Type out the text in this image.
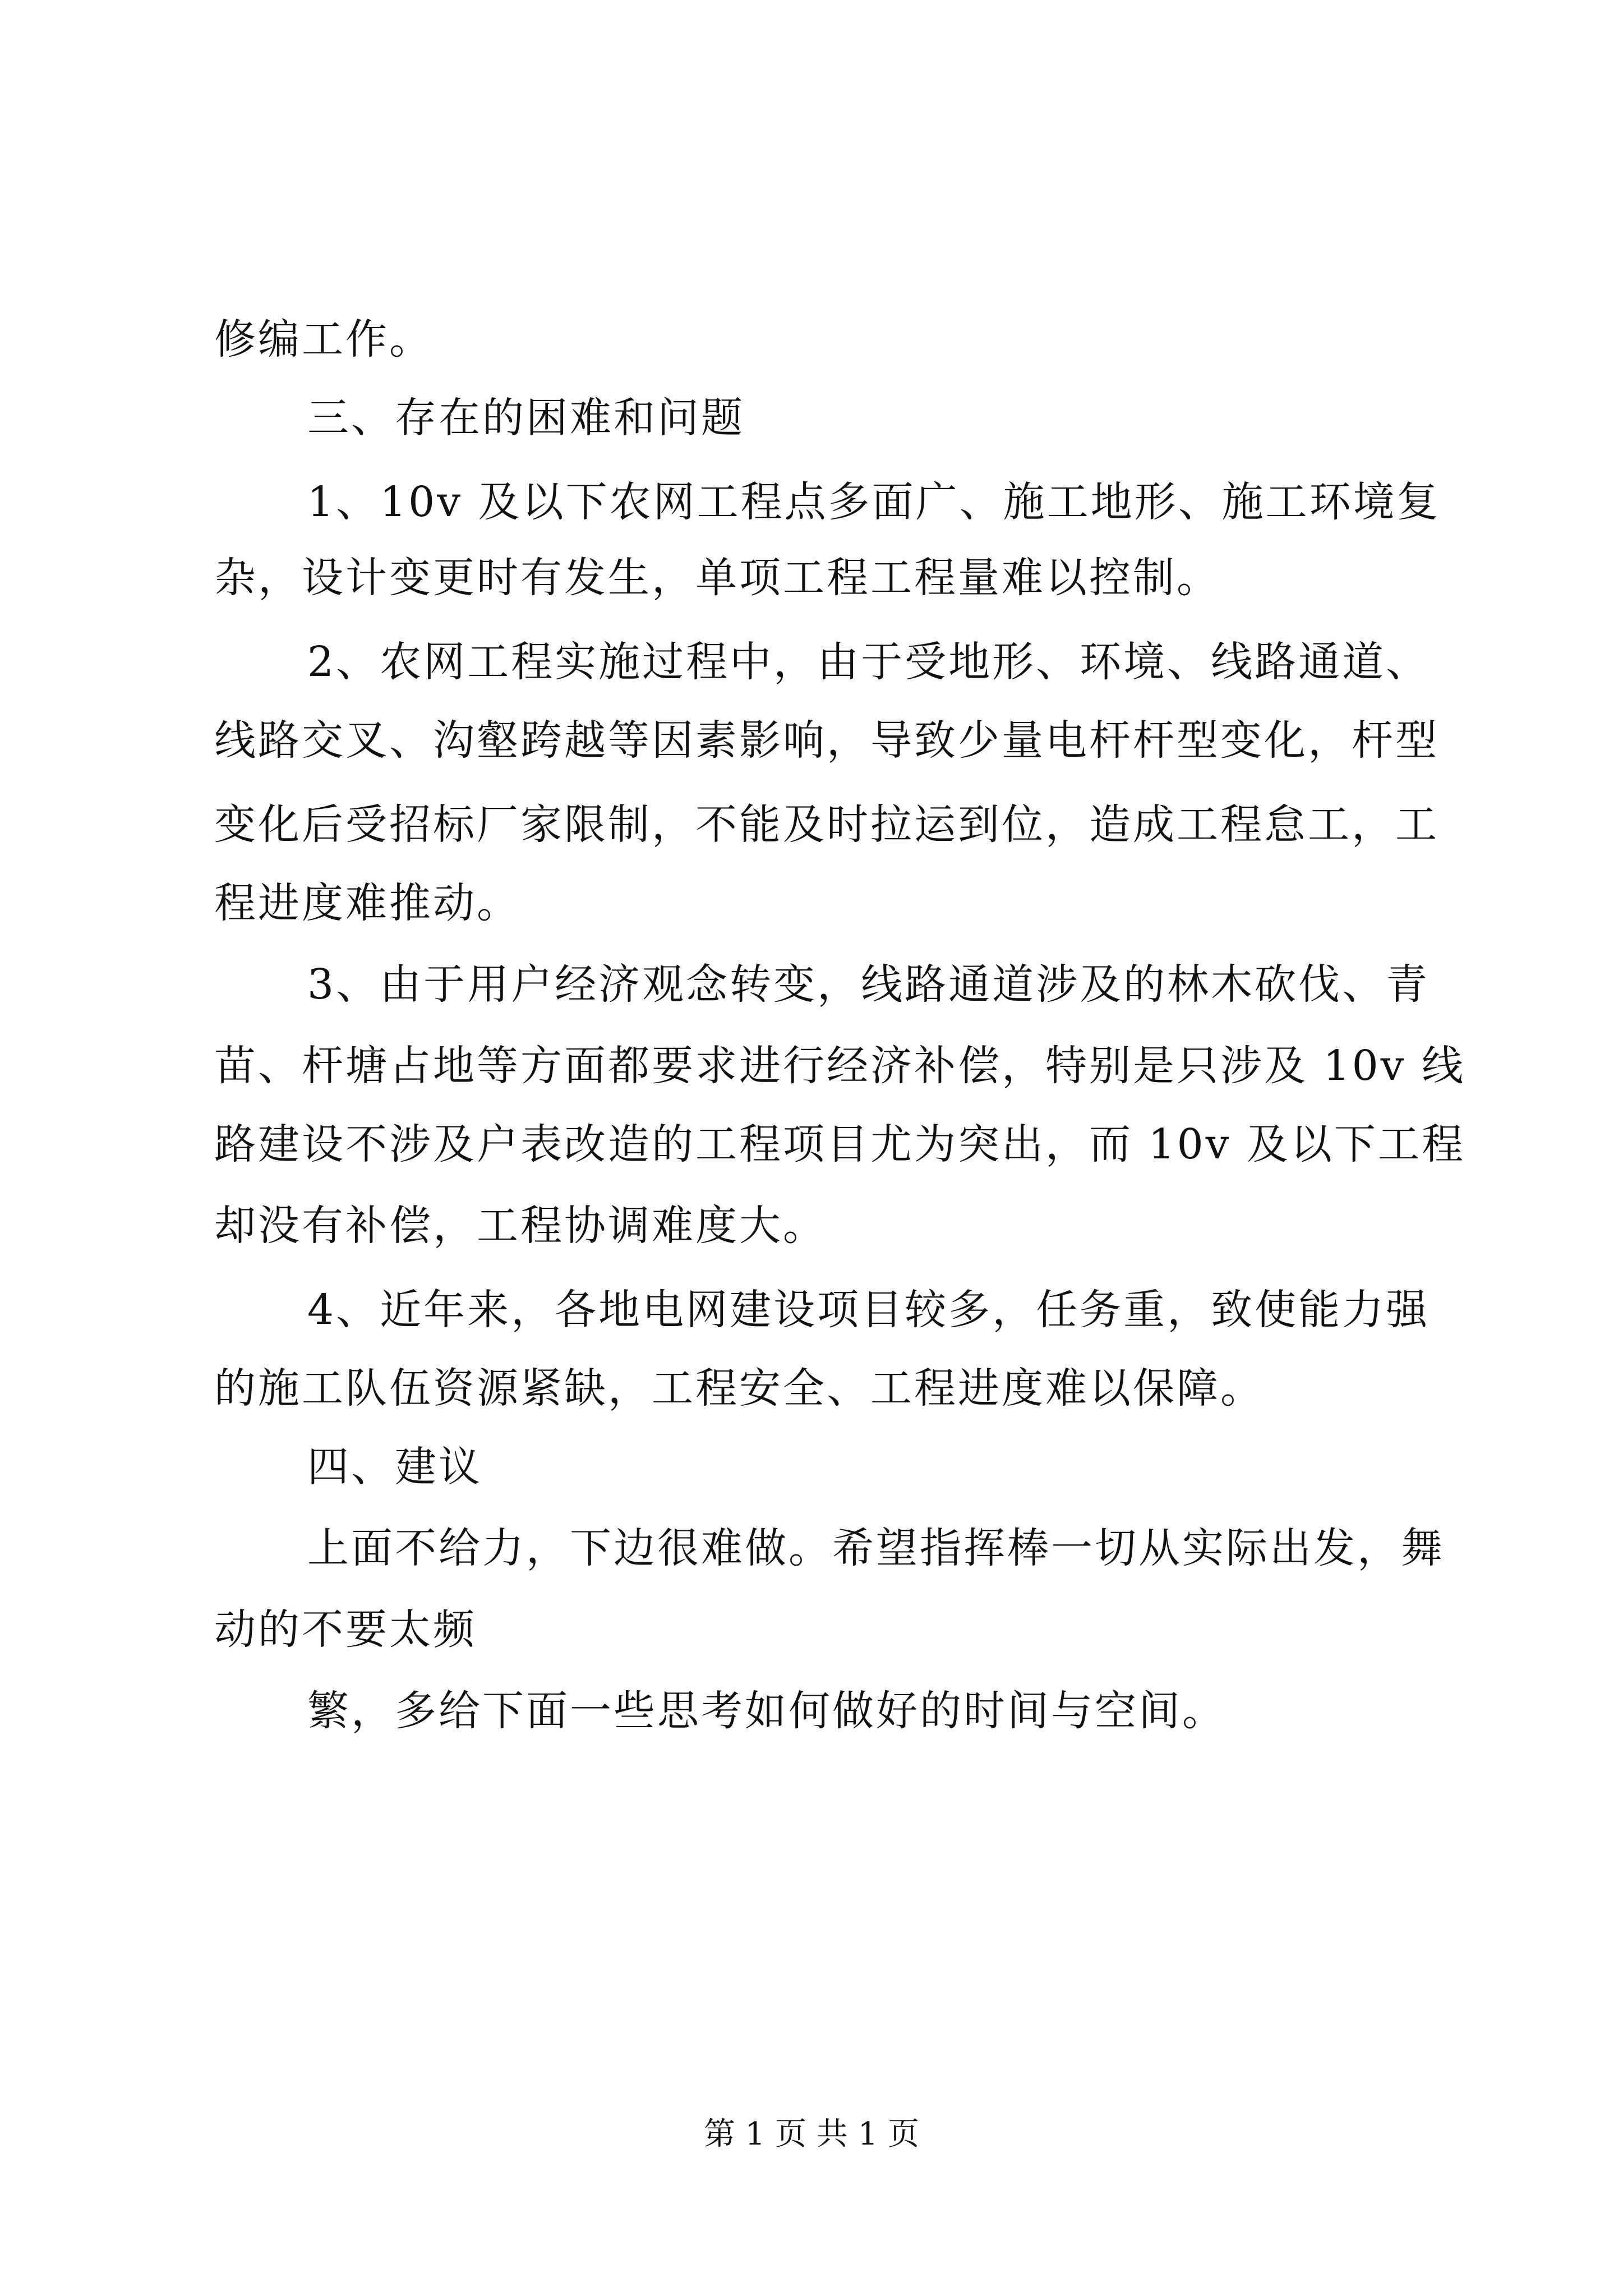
修编工作。
三、存在的困难和问题
1、10v 及以下农网工程点多面广、施工地形、施工环境复
杂，设计变更时有发生，单项工程工程量难以控制。
2、农网工程实施过程中，由于受地形、环境、线路通道、
线路交叉、沟壑跨越等因素影响，导致少量电杆杆型变化，杆型
变化后受招标厂家限制，不能及时拉运到位，造成工程怠工，工
程进度难推动。
3、由于用户经济观念转变，线路通道涉及的林木砍伐、青
苗、杆塘占地等方面都要求进行经济补偿，特别是只涉及 10v 线
路建设不涉及户表改造的工程项目尤为突出，而 10v 及以下工程
却没有补偿，工程协调难度大。
4、近年来，各地电网建设项目较多，任务重，致使能力强
的施工队伍资源紧缺，工程安全、工程进度难以保障。
四、建议
上面不给力，下边很难做。希望指挥棒一切从实际出发，舞
动的不要太频
繁，多给下面一些思考如何做好的时间与空间。
第 1 页 共 1 页
